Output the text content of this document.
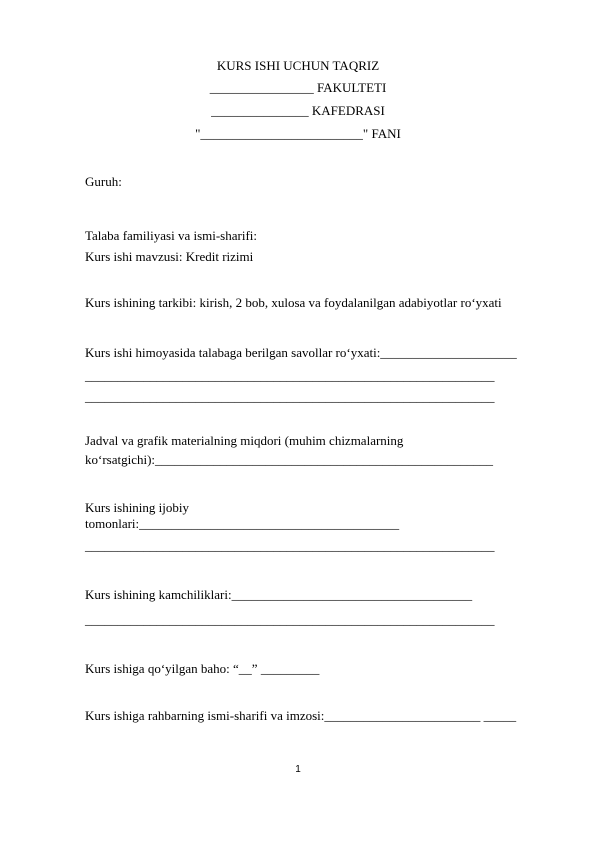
KURS ISHI UCHUN TAQRIZ
________________ FAKULTETI
_______________ KAFEDRASI
"_________________________" FANI
Guruh:
Talaba familiyasi va ismi-sharifi:
Kurs ishi mavzusi: Kredit rizimi
Kurs ishining tarkibi: kirish, 2 bob, xulosa va foydalanilgan adabiyotlar ro‘yxati
Kurs ishi himoyasida talabaga berilgan savollar ro‘yxati:_____________________
_______________________________________________________________
_______________________________________________________________
Jadval va grafik materialning miqdori (muhim chizmalarning
ko‘rsatgichi):____________________________________________________
Kurs ishining ijobiy
tomonlari:________________________________________
_______________________________________________________________
Kurs ishining kamchiliklari:_____________________________________
_______________________________________________________________
Kurs ishiga qo‘yilgan baho: “__” _________
Kurs ishiga rahbarning ismi-sharifi va imzosi:________________________ _____
1
